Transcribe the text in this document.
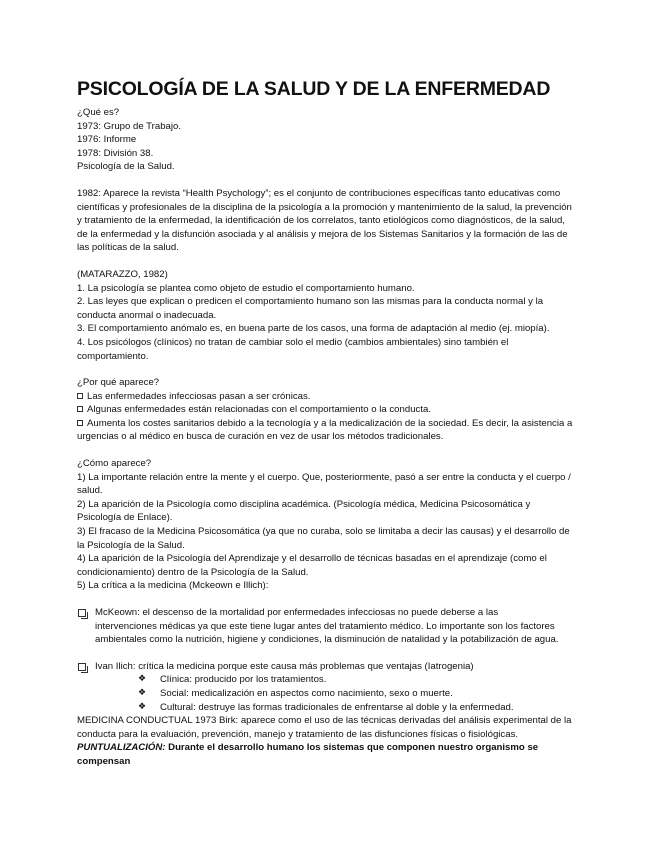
PSICOLOGÍA DE LA SALUD Y DE LA ENFERMEDAD

¿Qué es?

1973: Grupo de Trabajo.

1976: Informe

1978: División 38.

Psicología de la Salud.

1982: Aparece la revista “Health Psychology”; es el conjunto de contribuciones específicas tanto educativas como

científicas y profesionales de la disciplina de la psicología a la promoción y mantenimiento de la salud, la prevención

y tratamiento de la enfermedad, la identificación de los correlatos, tanto etiológicos como diagnósticos, de la salud,

de la enfermedad y la disfunción asociada y al análisis y mejora de los Sistemas Sanitarios y la formación de las de

las políticas de la salud.

(MATARAZZO, 1982)

1. La psicología se plantea como objeto de estudio el comportamiento humano.

2. Las leyes que explican o predicen el comportamiento humano son las mismas para la conducta normal y la

conducta anormal o inadecuada.

3. El comportamiento anómalo es, en buena parte de los casos, una forma de adaptación al medio (ej. miopía).

4. Los psicólogos (clínicos) no tratan de cambiar solo el medio (cambios ambientales) sino también el

comportamiento.

¿Por qué aparece?

Las enfermedades infecciosas pasan a ser crónicas.

Algunas enfermedades están relacionadas con el comportamiento o la conducta.

Aumenta los costes sanitarios debido a la tecnología y a la medicalización de la sociedad. Es decir, la asistencia a

urgencias o al médico en busca de curación en vez de usar los métodos tradicionales.

¿Cómo aparece?

1) La importante relación entre la mente y el cuerpo. Que, posteriormente, pasó a ser entre la conducta y el cuerpo /

salud.

2) La aparición de la Psicología como disciplina académica. (Psicología médica, Medicina Psicosomática y

Psicología de Enlace).

3) El fracaso de la Medicina Psicosomática (ya que no curaba, solo se limitaba a decir las causas) y el desarrollo de

la Psicología de la Salud.

4) La aparición de la Psicología del Aprendizaje y el desarrollo de técnicas basadas en el aprendizaje (como el

condicionamiento) dentro de la Psicología de la Salud.

5) La crítica a la medicina (Mckeown e Illich):

McKeown: el descenso de la mortalidad por enfermedades infecciosas no puede deberse a las

intervenciones médicas ya que este tiene lugar antes del tratamiento médico. Lo importante son los factores

ambientales como la nutrición, higiene y condiciones, la disminución de natalidad y la potabilización de agua.

Ivan Ilich: crítica la medicina porque este causa más problemas que ventajas (Iatrogenia)

❖ Clínica: producido por los tratamientos.

❖ Social: medicalización en aspectos como nacimiento, sexo o muerte.

❖ Cultural: destruye las formas tradicionales de enfrentarse al doble y la enfermedad.

MEDICINA CONDUCTUAL 1973 Birk: aparece como el uso de las técnicas derivadas del análisis experimental de la

conducta para la evaluación, prevención, manejo y tratamiento de las disfunciones físicas o fisiológicas.

PUNTUALIZACIÓN: Durante el desarrollo humano los sistemas que componen nuestro organismo se compensan
